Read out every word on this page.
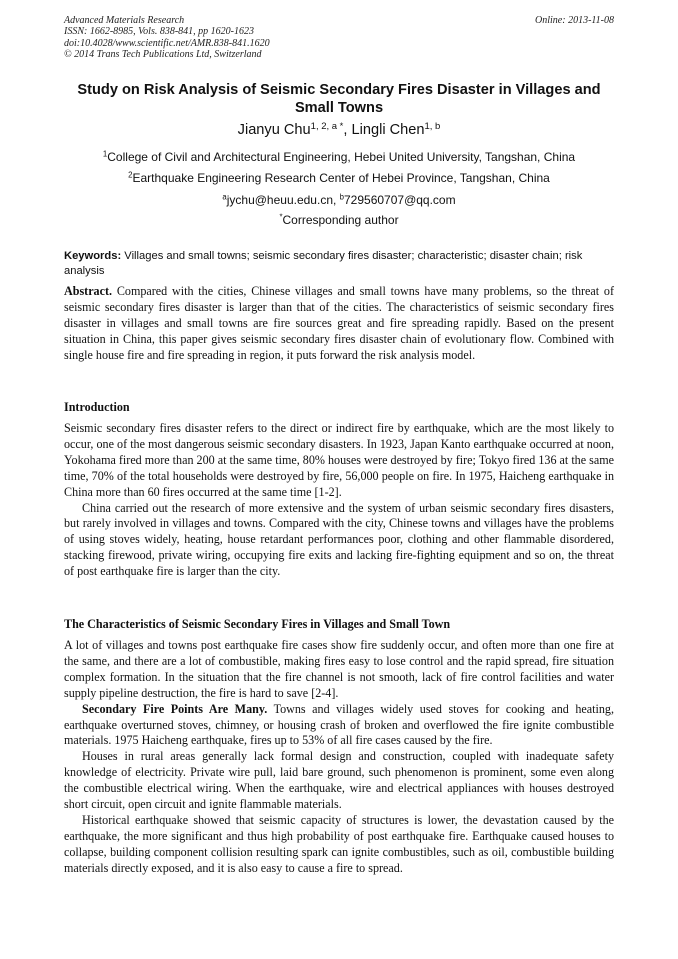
Advanced Materials Research
ISSN: 1662-8985, Vols. 838-841, pp 1620-1623
doi:10.4028/www.scientific.net/AMR.838-841.1620
© 2014 Trans Tech Publications Ltd, Switzerland
Online: 2013-11-08
Study on Risk Analysis of Seismic Secondary Fires Disaster in Villages and Small Towns
Jianyu Chu$^{1, 2, a *}$, Lingli Chen$^{1, b}$
$^1$College of Civil and Architectural Engineering, Hebei United University, Tangshan, China
$^2$Earthquake Engineering Research Center of Hebei Province, Tangshan, China
$^a$jychu@heuu.edu.cn, $^b$729560707@qq.com
*Corresponding author
Keywords: Villages and small towns; seismic secondary fires disaster; characteristic; disaster chain; risk analysis

Abstract. Compared with the cities, Chinese villages and small towns have many problems, so the threat of seismic secondary fires disaster is larger than that of the cities. The characteristics of seismic secondary fires disaster in villages and small towns are fire sources great and fire spreading rapidly. Based on the present situation in China, this paper gives seismic secondary fires disaster chain of evolutionary flow. Combined with single house fire and fire spreading in region, it puts forward the risk analysis model.

Introduction

Seismic secondary fires disaster refers to the direct or indirect fire by earthquake, which are the most likely to occur, one of the most dangerous seismic secondary disasters. In 1923, Japan Kanto earthquake occurred at noon, Yokohama fired more than 200 at the same time, 80% houses were destroyed by fire; Tokyo fired 136 at the same time, 70% of the total households were destroyed by fire, 56,000 people on fire. In 1975, Haicheng earthquake in China more than 60 fires occurred at the same time [1-2].

China carried out the research of more extensive and the system of urban seismic secondary fires disasters, but rarely involved in villages and towns. Compared with the city, Chinese towns and villages have the problems of using stoves widely, heating, house retardant performances poor, clothing and other flammable disordered, stacking firewood, private wiring, occupying fire exits and lacking fire-fighting equipment and so on, the threat of post earthquake fire is larger than the city.

The Characteristics of Seismic Secondary Fires in Villages and Small Town

A lot of villages and towns post earthquake fire cases show fire suddenly occur, and often more than one fire at the same, and there are a lot of combustible, making fires easy to lose control and the rapid spread, fire situation complex formation. In the situation that the fire channel is not smooth, lack of fire control facilities and water supply pipeline destruction, the fire is hard to save [2-4].

Secondary Fire Points Are Many. Towns and villages widely used stoves for cooking and heating, earthquake overturned stoves, chimney, or housing crash of broken and overflowed the fire ignite combustible materials. 1975 Haicheng earthquake, fires up to 53% of all fire cases caused by the fire.

Houses in rural areas generally lack formal design and construction, coupled with inadequate safety knowledge of electricity. Private wire pull, laid bare ground, such phenomenon is prominent, some even along the combustible electrical wiring. When the earthquake, wire and electrical appliances with houses destroyed short circuit, open circuit and ignite flammable materials.

Historical earthquake showed that seismic capacity of structures is lower, the devastation caused by the earthquake, the more significant and thus high probability of post earthquake fire. Earthquake caused houses to collapse, building component collision resulting spark can ignite combustibles, such as oil, combustible building materials directly exposed, and it is also easy to cause a fire to spread.
